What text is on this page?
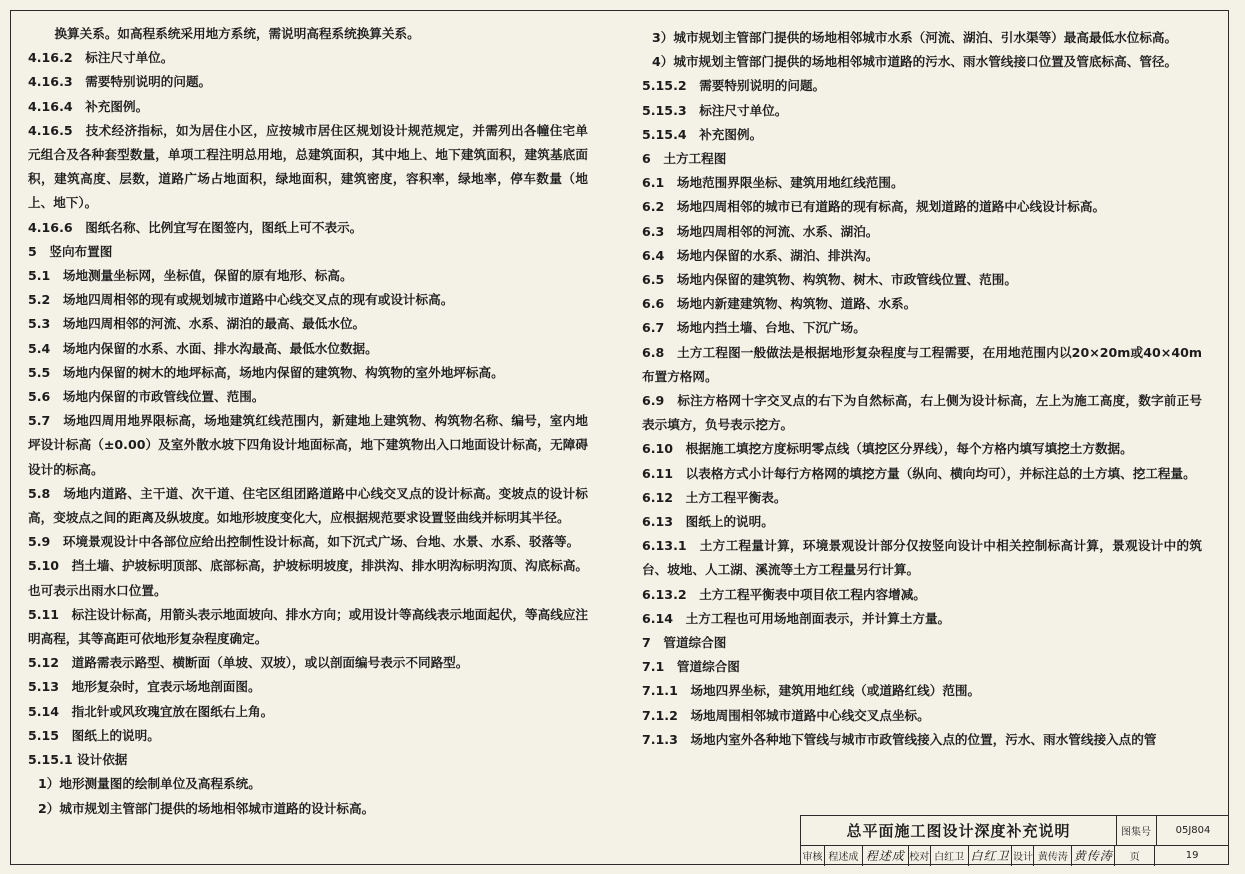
换算关系。如高程系统采用地方系统，需说明高程系统换算关系。

4.16.2　标注尺寸单位。

4.16.3　需要特别说明的问题。

4.16.4　补充图例。

4.16.5　技术经济指标，如为居住小区，应按城市居住区规划设计规范规定，并需列出各幢住宅单元组合及各种套型数量，单项工程注明总用地，总建筑面积，其中地上、地下建筑面积，建筑基底面积，建筑高度、层数，道路广场占地面积，绿地面积，建筑密度，容积率，绿地率，停车数量（地上、地下）。

4.16.6　图纸名称、比例宜写在图签内，图纸上可不表示。

5　竖向布置图

5.1　场地测量坐标网，坐标值，保留的原有地形、标高。

5.2　场地四周相邻的现有或规划城市道路中心线交叉点的现有或设计标高。

5.3　场地四周相邻的河流、水系、湖泊的最高、最低水位。

5.4　场地内保留的水系、水面、排水沟最高、最低水位数据。

5.5　场地内保留的树木的地坪标高，场地内保留的建筑物、构筑物的室外地坪标高。

5.6　场地内保留的市政管线位置、范围。

5.7　场地四周用地界限标高，场地建筑红线范围内，新建地上建筑物、构筑物名称、编号，室内地坪设计标高（±0.00）及室外散水坡下四角设计地面标高，地下建筑物出入口地面设计标高，无障碍设计的标高。

5.8　场地内道路、主干道、次干道、住宅区组团路道路中心线交叉点的设计标高。变坡点的设计标高，变坡点之间的距离及纵坡度。如地形坡度变化大，应根据规范要求设置竖曲线并标明其半径。

5.9　环境景观设计中各部位应给出控制性设计标高，如下沉式广场、台地、水景、水系、驳落等。

5.10　挡土墙、护坡标明顶部、底部标高，护坡标明坡度，排洪沟、排水明沟标明沟顶、沟底标高。也可表示出雨水口位置。

5.11　标注设计标高，用箭头表示地面坡向、排水方向；或用设计等高线表示地面起伏，等高线应注明高程，其等高距可依地形复杂程度确定。

5.12　道路需表示路型、横断面（单坡、双坡），或以剖面编号表示不同路型。

5.13　地形复杂时，宜表示场地剖面图。

5.14　指北针或风玫瑰宜放在图纸右上角。

5.15　图纸上的说明。

5.15.1 设计依据

1）地形测量图的绘制单位及高程系统。

2）城市规划主管部门提供的场地相邻城市道路的设计标高。

3）城市规划主管部门提供的场地相邻城市水系（河流、湖泊、引水渠等）最高最低水位标高。

4）城市规划主管部门提供的场地相邻城市道路的污水、雨水管线接口位置及管底标高、管径。

5.15.2　需要特别说明的问题。

5.15.3　标注尺寸单位。

5.15.4　补充图例。

6　土方工程图

6.1　场地范围界限坐标、建筑用地红线范围。

6.2　场地四周相邻的城市已有道路的现有标高，规划道路的道路中心线设计标高。

6.3　场地四周相邻的河流、水系、湖泊。

6.4　场地内保留的水系、湖泊、排洪沟。

6.5　场地内保留的建筑物、构筑物、树木、市政管线位置、范围。

6.6　场地内新建建筑物、构筑物、道路、水系。

6.7　场地内挡土墙、台地、下沉广场。

6.8　土方工程图一般做法是根据地形复杂程度与工程需要，在用地范围内以20×20m或40×40m布置方格网。

6.9　标注方格网十字交叉点的右下为自然标高，右上侧为设计标高，左上为施工高度，数字前正号表示填方，负号表示挖方。

6.10　根据施工填挖方度标明零点线（填挖区分界线），每个方格内填写填挖土方数据。

6.11　以表格方式小计每行方格网的填挖方量（纵向、横向均可），并标注总的土方填、挖工程量。

6.12　土方工程平衡表。

6.13　图纸上的说明。

6.13.1　土方工程量计算，环境景观设计部分仅按竖向设计中相关控制标高计算，景观设计中的筑台、坡地、人工湖、溪流等土方工程量另行计算。

6.13.2　土方工程平衡表中项目依工程内容增减。

6.14　土方工程也可用场地剖面表示，并计算土方量。

7　管道综合图

7.1　管道综合图

7.1.1　场地四界坐标，建筑用地红线（或道路红线）范围。

7.1.2　场地周围相邻城市道路中心线交叉点坐标。

7.1.3　场地内室外各种地下管线与城市市政管线接入点的位置，污水、雨水管线接入点的管

总平面施工图设计深度补充说明	图集号	05J804
审核 程述成 程述成 校对 白红卫 白红卫 设计 黄传涛 黄传涛	页	19
